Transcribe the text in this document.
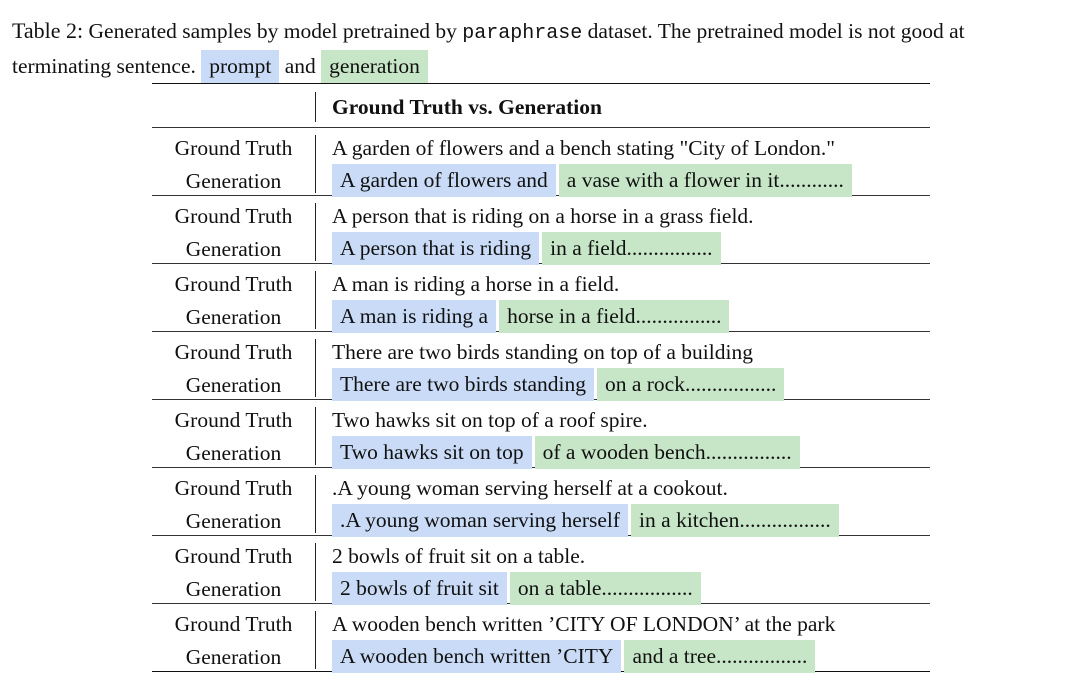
Table 2: Generated samples by model pretrained by paraphrase dataset. The pretrained model is not good at
terminating sentence. prompt and generation
Ground Truth vs. Generation
Ground Truth
Generation
A garden of flowers and a bench stating "City of London."
A garden of flowers and a vase with a flower in it............
Ground Truth
Generation
A person that is riding on a horse in a grass field.
A person that is riding in a field................
Ground Truth
Generation
A man is riding a horse in a field.
A man is riding a horse in a field................
Ground Truth
Generation
There are two birds standing on top of a building
There are two birds standing on a rock.................
Ground Truth
Generation
Two hawks sit on top of a roof spire.
Two hawks sit on top of a wooden bench................
Ground Truth
Generation
.A young woman serving herself at a cookout.
.A young woman serving herself in a kitchen.................
Ground Truth
Generation
2 bowls of fruit sit on a table.
2 bowls of fruit sit on a table.................
Ground Truth
Generation
A wooden bench written ’CITY OF LONDON’ at the park
A wooden bench written ’CITY and a tree.................
